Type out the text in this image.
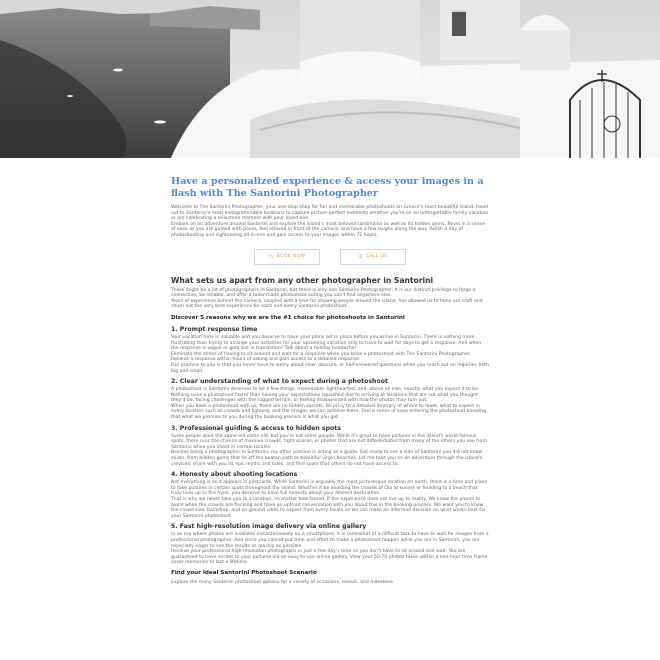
Have a personalized experience & access your images in a flash with The Santorini Photographer

Welcome to The Santorini Photographer, your one-stop-shop for fun and memorable photoshoots on Greece's most beautiful island. Head out to Santorini's most Instagrammable locations to capture picture-perfect moments whether you're on an unforgettable family vacation or are celebrating a milestone moment with your loved one.

Embark on an adventure around Santorini and explore the island's most beloved landmarks as well as its hidden gems. Revel in a sense of ease as you are guided with poses, feel relaxed in front of the camera, and have a few laughs along the way. Relish a day of photoshooting and sightseeing all-in-one and gain access to your images within 72 hours.

▭ BOOK NOW	✆ CALL US
What sets us apart from any other photographer in Santorini

There might be a lot of photographers in Santorini, but there is only one Santorini Photographer. It is our distinct privilege to forge a connection, be reliable, and offer a tailor-made photoshoot outing you can't find anywhere else.

Years of experience behind the camera, coupled with a love for showing people around the island, has allowed us to hone our craft and churn out the very best experience for each and every Santorini photoshoot.

Discover 5 reasons why we are the #1 choice for photoshoots in Santorini
1. Prompt response time

Your vacation time is valuable and you deserve to have your plans set in place before you arrive in Santorini. There is nothing more frustrating than trying to arrange your activities for your upcoming vacation only to have to wait for days to get a response. And when the response is vague or gets lost in translation? Talk about a holiday headache!

Eliminate the stress of having to sit around and wait for a response when you book a photoshoot with The Santorini Photographer. Receive a response within hours of asking and gain access to a detailed response.

Our promise to you is that you never have to worry about slow, obscure, or half-answered questions when you reach out on inquiries both big and small.

2. Clear understanding of what to expect during a photoshoot

A photoshoot in Santorini deserves to be a few things: memorable, lighthearted, and, above all else, exactly what you expect it to be. Nothing ruins a photoshoot faster than having your expectations squashed due to arriving at locations that are not what you thought they'd be, facing challenges with the rugged terrain, or feeling disappointed with how the photos may turn out.

When you book a photoshoot with us, there are no hidden secrets. Be privy to a detailed itinerary of where to meet, what to expect in every location such as crowds and lighting, and the images we can achieve there. Feel a sense of ease entering the photoshoot knowing that what we promise to you during the booking process is what you get.

3. Professional guiding & access to hidden spots

Some people want the same old same old, but you're not some people. While it's great to have pictures in the island's world-famous spots, there runs the chance of massive crowds, tight spaces, or photos that are not differentiated from many of the others you see from Santorini when you shoot in certain locales.

Besides being a photographer in Santorini, my other passion is acting as a guide. Get ready to see a side of Santorini you did not know exists, from hidden gems that lie off the beaten path to beautiful virgin beaches. Let me take you on an adventure through the island's crevices; share with you its epic myths and tales, and find spots that others do not have access to.

4. Honesty about shooting locations

Not everything is as it appears in postcards. While Santorini is arguably the most picturesque location on earth, there is a time and place to take pictures in certain spots throughout the island. Whether it be avoiding the crowds of Oia at sunset or heading to a beach that truly lives up to the hype, you deserve to have full honesty about your desired destination.

That is why we never take you to a location, no matter how famed, if the experience does not live up to reality. We know the places to avoid when the crowds are flocking and have an upfront conversation with you about this in the booking process. We want you to know the crowd size, backdrop, and on-ground vibes to expect from every locale so we can make an informed decision on what works best for your Santorini photoshoot.

5. Fast high-resolution image delivery via online gallery

In an era where photos are available instantaneously on a smartphone, it is somewhat of a difficult task to have to wait for images from a professional photographer. And since you cannot put time and effort to make a photoshoot happen while you are in Santorini, you are especially eager to see the results as quickly as possible.

Receive your professional high-resolution photographs in just a few day's time so you don't have to sit around and wait. You are guaranteed to have access to your pictures via an easy-to-use online gallery. View your 50-70 photos taken within a one-hour time frame savor memories to last a lifetime.

Find your Ideal Santorini Photoshoot Scenario

Explore the many Santorini photoshoot options for a variety of occasions, moods, and milestone
